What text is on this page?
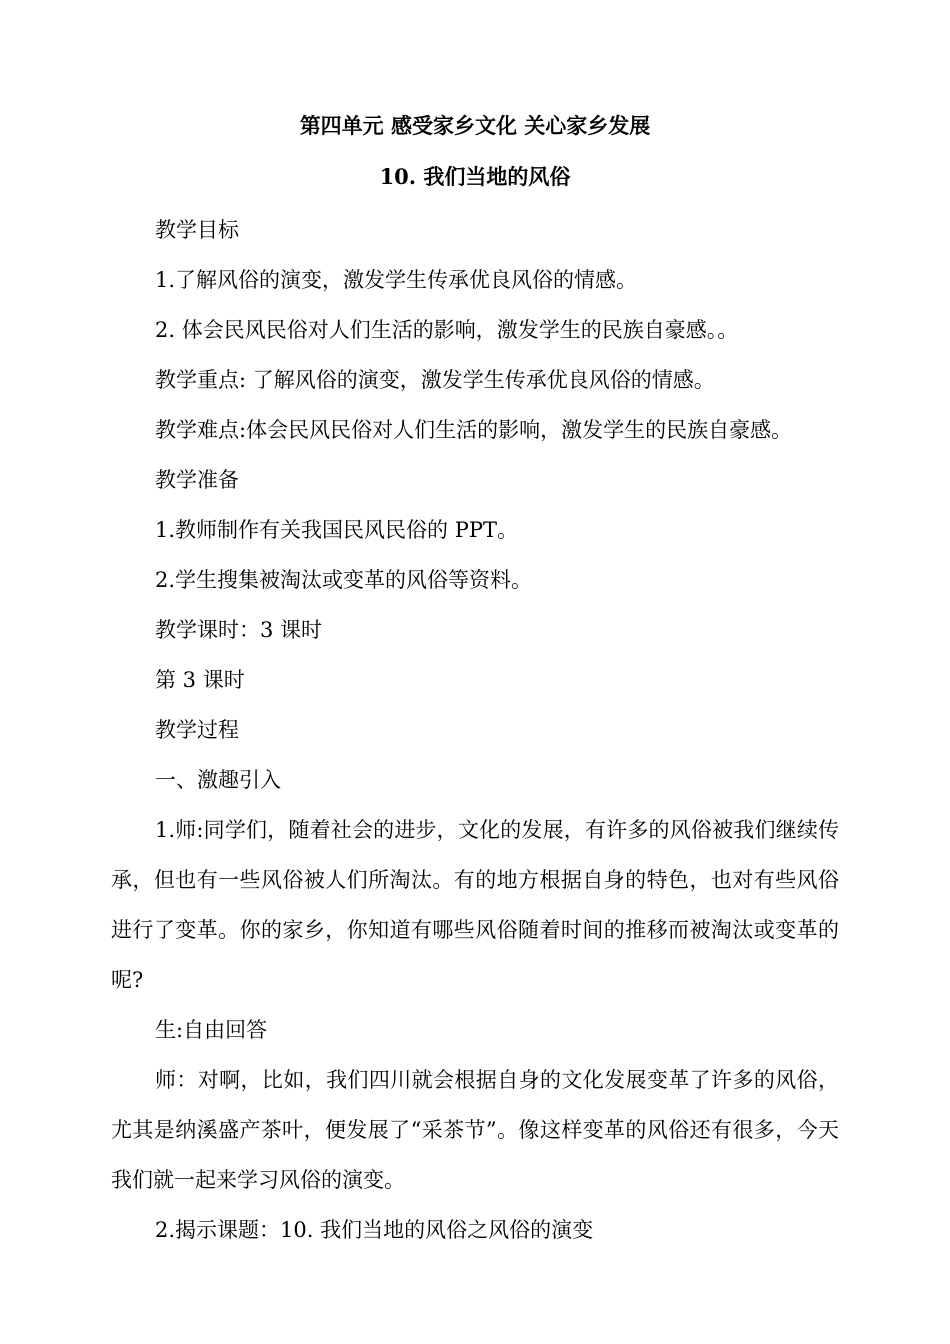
第四单元 感受家乡文化 关心家乡发展
10. 我们当地的风俗

教学目标

1.了解风俗的演变，激发学生传承优良风俗的情感。

2. 体会民风民俗对人们生活的影响，激发学生的民族自豪感。。

教学重点: 了解风俗的演变，激发学生传承优良风俗的情感。

教学难点:体会民风民俗对人们生活的影响，激发学生的民族自豪感。

教学准备

1.教师制作有关我国民风民俗的 PPT。

2.学生搜集被淘汰或变革的风俗等资料。

教学课时：3 课时

第 3 课时

教学过程

一、激趣引入

1.师:同学们，随着社会的进步，文化的发展，有许多的风俗被我们继续传承，但也有一些风俗被人们所淘汰。有的地方根据自身的特色，也对有些风俗进行了变革。你的家乡，你知道有哪些风俗随着时间的推移而被淘汰或变革的呢?

生:自由回答

师：对啊，比如，我们四川就会根据自身的文化发展变革了许多的风俗，尤其是纳溪盛产茶叶，便发展了“采茶节”。像这样变革的风俗还有很多，今天我们就一起来学习风俗的演变。

2.揭示课题：10. 我们当地的风俗之风俗的演变
